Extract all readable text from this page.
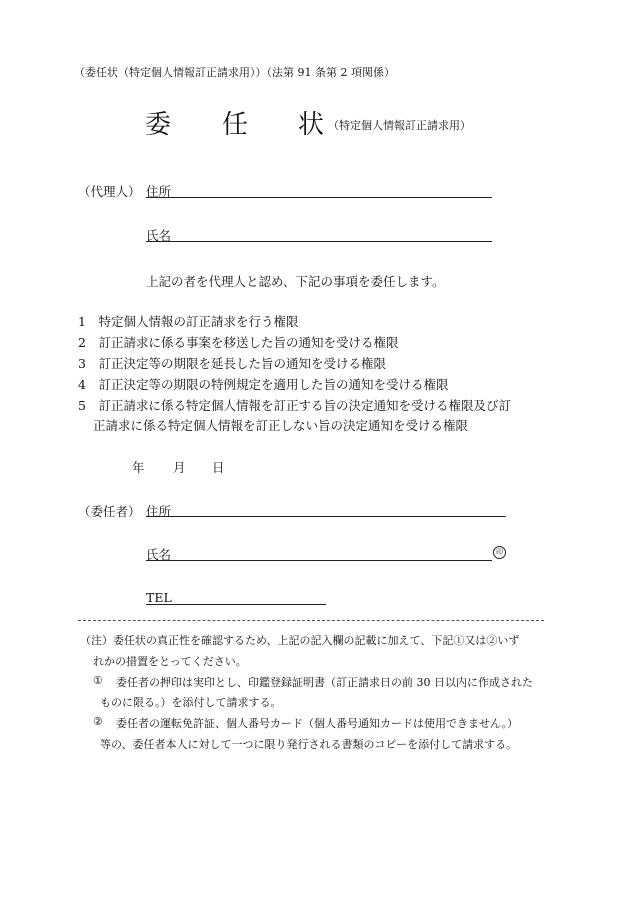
（委任状（特定個人情報訂正請求用））（法第 91 条第 2 項関係）
委 任 状 （特定個人情報訂正請求用）
（代理人） 住所
氏名
上記の者を代理人と認め、下記の事項を委任します。
1　 特定個人情報の訂正請求を行う権限
2　 訂正請求に係る事案を移送した旨の通知を受ける権限
3　 訂正決定等の期限を延長した旨の通知を受ける権限
4　 訂正決定等の期限の特例規定を適用した旨の通知を受ける権限
5　 訂正請求に係る特定個人情報を訂正する旨の決定通知を受ける権限及び訂
正請求に係る特定個人情報を訂正しない旨の決定通知を受ける権限
年 月 日
（委任者） 住所
氏名	印
TEL
（注）委任状の真正性を確認するため、上記の記入欄の記載に加えて、下記①又は②いず
れかの措置をとってください。
① 委任者の押印は実印とし、印鑑登録証明書（訂正請求日の前 30 日以内に作成された
ものに限る。）を添付して請求する。
② 委任者の運転免許証、個人番号カード（個人番号通知カードは使用できません。）
等の、委任者本人に対して一つに限り発行される書類のコピーを添付して請求する。
